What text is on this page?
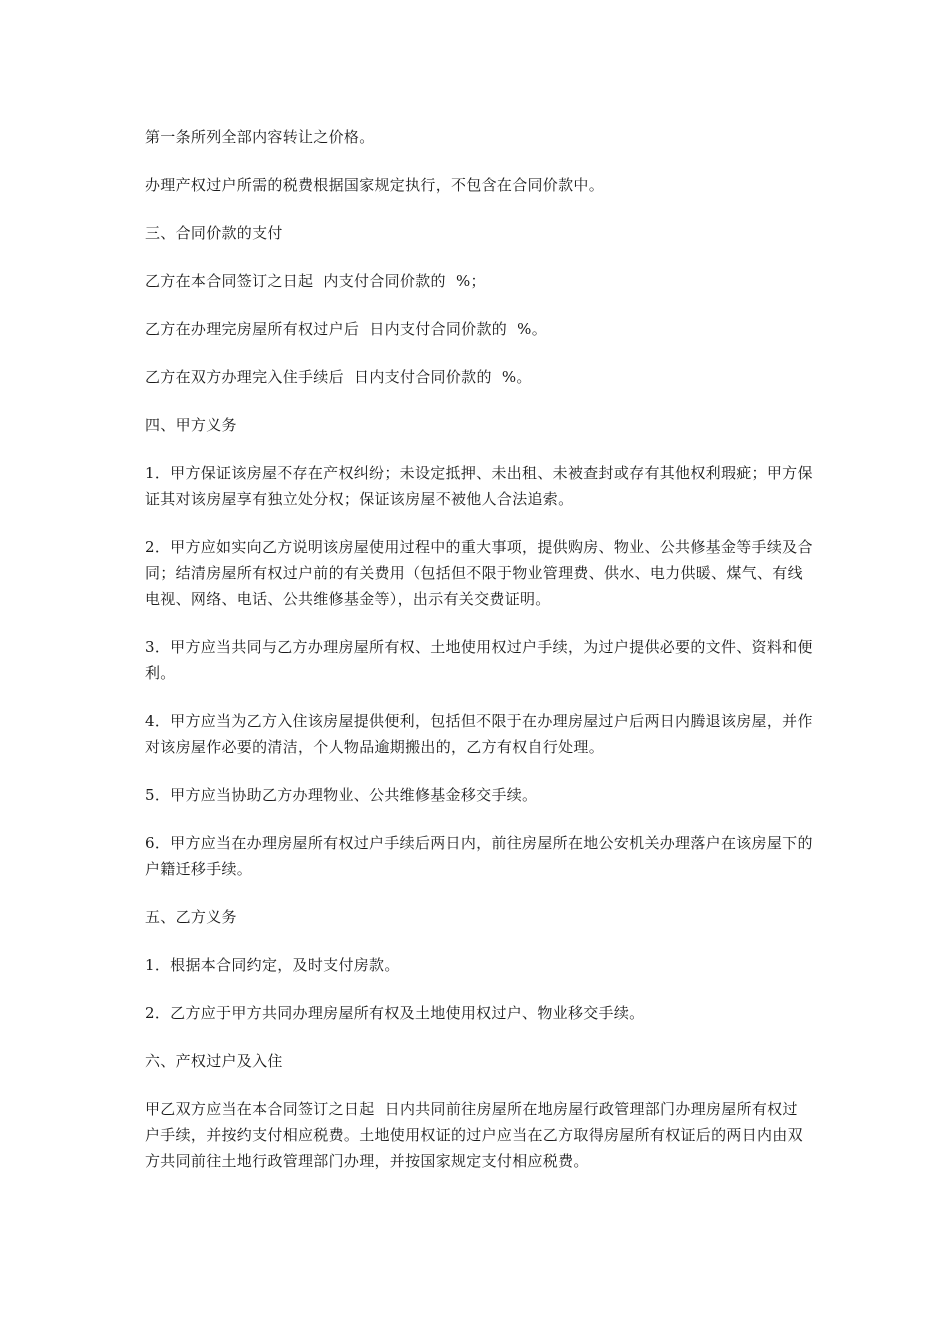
第一条所列全部内容转让之价格。

办理产权过户所需的税费根据国家规定执行，不包含在合同价款中。

三、合同价款的支付

乙方在本合同签订之日起  内支付合同价款的  %；

乙方在办理完房屋所有权过户后  日内支付合同价款的  %。

乙方在双方办理完入住手续后  日内支付合同价款的  %。

四、甲方义务

1．甲方保证该房屋不存在产权纠纷；未设定抵押、未出租、未被查封或存有其他权利瑕疵；甲方保证其对该房屋享有独立处分权；保证该房屋不被他人合法追索。

2．甲方应如实向乙方说明该房屋使用过程中的重大事项，提供购房、物业、公共修基金等手续及合同；结清房屋所有权过户前的有关费用（包括但不限于物业管理费、供水、电力供暖、煤气、有线电视、网络、电话、公共维修基金等），出示有关交费证明。

3．甲方应当共同与乙方办理房屋所有权、土地使用权过户手续，为过户提供必要的文件、资料和便利。

4．甲方应当为乙方入住该房屋提供便利，包括但不限于在办理房屋过户后两日内腾退该房屋，并作对该房屋作必要的清洁，个人物品逾期搬出的，乙方有权自行处理。

5．甲方应当协助乙方办理物业、公共维修基金移交手续。

6．甲方应当在办理房屋所有权过户手续后两日内，前往房屋所在地公安机关办理落户在该房屋下的户籍迁移手续。

五、乙方义务

1．根据本合同约定，及时支付房款。

2．乙方应于甲方共同办理房屋所有权及土地使用权过户、物业移交手续。

六、产权过户及入住

甲乙双方应当在本合同签订之日起  日内共同前往房屋所在地房屋行政管理部门办理房屋所有权过户手续，并按约支付相应税费。土地使用权证的过户应当在乙方取得房屋所有权证后的两日内由双方共同前往土地行政管理部门办理，并按国家规定支付相应税费。
